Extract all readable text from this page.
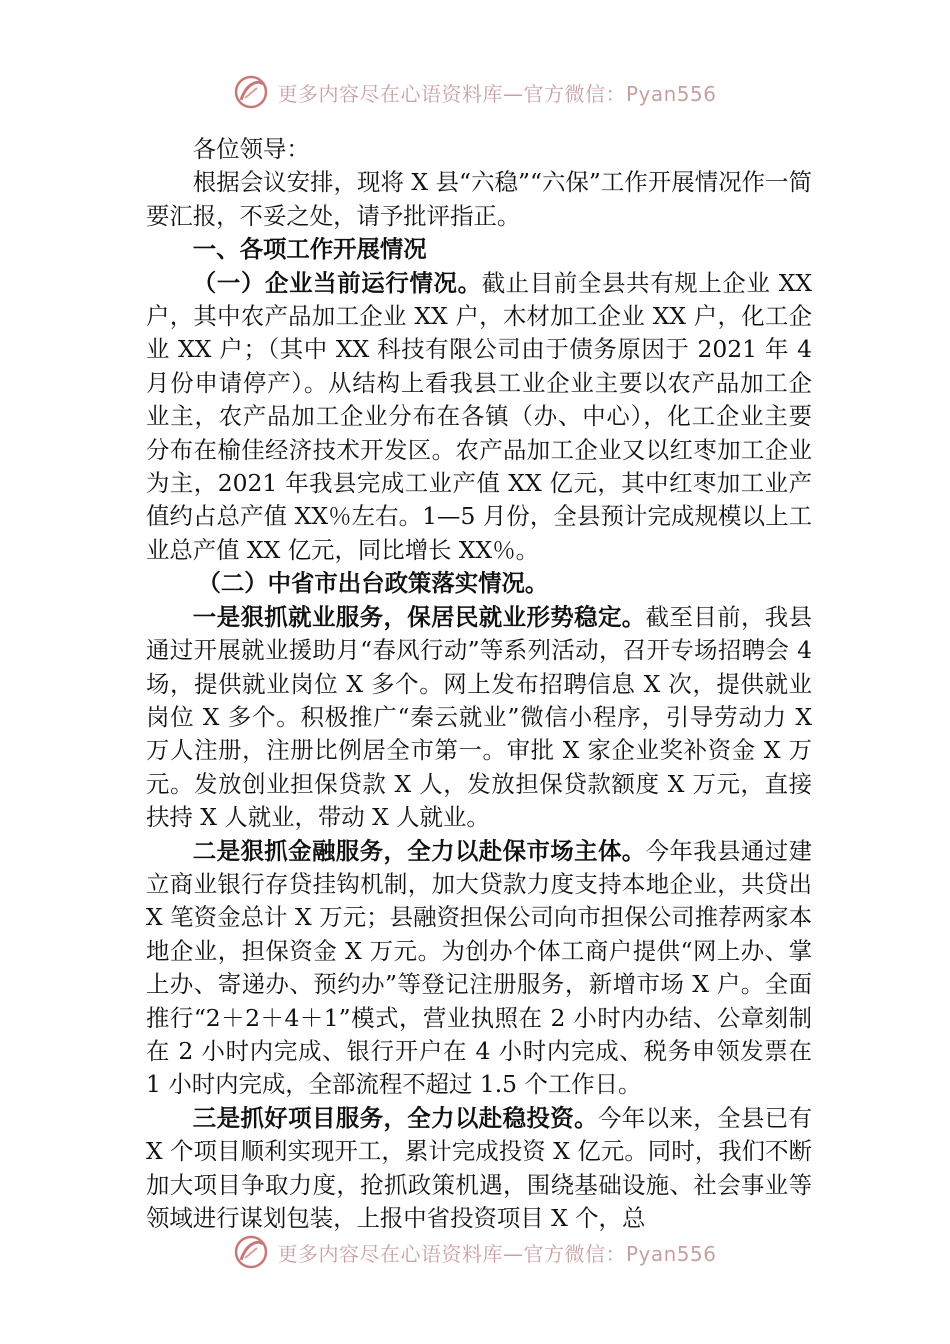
更多内容尽在心语资料库—官方微信：Pyan556

各位领导：

根据会议安排，现将 X 县“六稳”“六保”工作开展情况作一简要汇报，不妥之处，请予批评指正。

一、各项工作开展情况

（一）企业当前运行情况。截止目前全县共有规上企业 XX 户，其中农产品加工企业 XX 户，木材加工企业 XX 户，化工企业 XX 户；（其中 XX 科技有限公司由于债务原因于 2021 年 4 月份申请停产）。从结构上看我县工业企业主要以农产品加工企业主，农产品加工企业分布在各镇（办、中心），化工企业主要分布在榆佳经济技术开发区。农产品加工企业又以红枣加工企业为主，2021 年我县完成工业产值 XX 亿元，其中红枣加工业产值约占总产值 XX％左右。1—5 月份，全县预计完成规模以上工业总产值 XX 亿元，同比增长 XX％。

（二）中省市出台政策落实情况。

一是狠抓就业服务，保居民就业形势稳定。截至目前，我县通过开展就业援助月“春风行动”等系列活动，召开专场招聘会 4 场，提供就业岗位 X 多个。网上发布招聘信息 X 次，提供就业岗位 X 多个。积极推广“秦云就业”微信小程序，引导劳动力 X 万人注册，注册比例居全市第一。审批 X 家企业奖补资金 X 万元。发放创业担保贷款 X 人，发放担保贷款额度 X 万元，直接扶持 X 人就业，带动 X 人就业。

二是狠抓金融服务，全力以赴保市场主体。今年我县通过建立商业银行存贷挂钩机制，加大贷款力度支持本地企业，共贷出 X 笔资金总计 X 万元；县融资担保公司向市担保公司推荐两家本地企业，担保资金 X 万元。为创办个体工商户提供“网上办、掌上办、寄递办、预约办”等登记注册服务，新增市场 X 户。全面推行“2＋2＋4＋1”模式，营业执照在 2 小时内办结、公章刻制在 2 小时内完成、银行开户在 4 小时内完成、税务申领发票在 1 小时内完成，全部流程不超过 1.5 个工作日。

三是抓好项目服务，全力以赴稳投资。今年以来，全县已有 X 个项目顺利实现开工，累计完成投资 X 亿元。同时，我们不断加大项目争取力度，抢抓政策机遇，围绕基础设施、社会事业等领域进行谋划包装，上报中省投资项目 X 个，总

更多内容尽在心语资料库—官方微信：Pyan556
